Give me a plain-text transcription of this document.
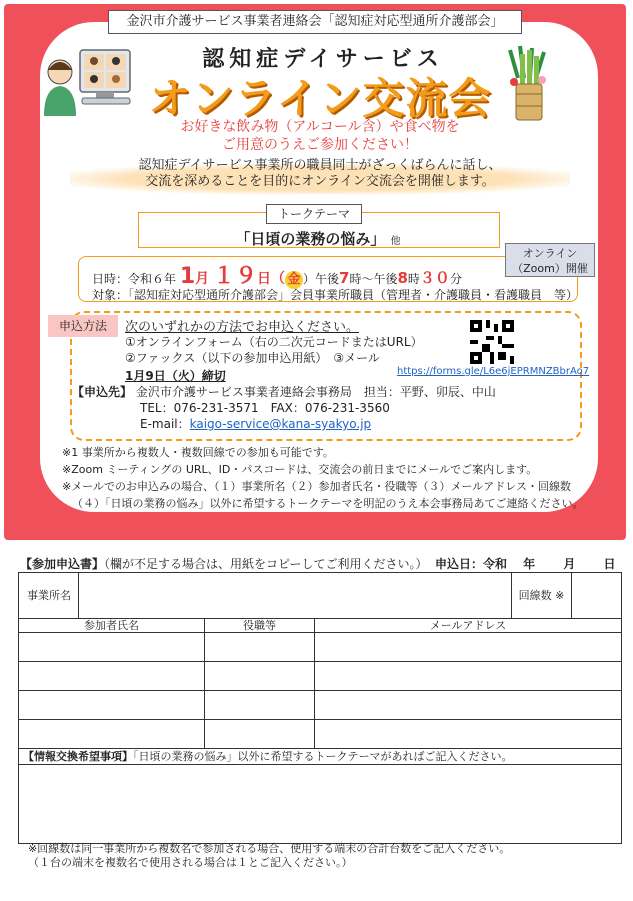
金沢市介護サービス事業者連絡会「認知症対応型通所介護部会」
認知症デイサービス
オンライン交流会
お好きな飲み物（アルコール含）や食べ物を
ご用意のうえご参加ください！
認知症デイサービス事業所の職員同士がざっくばらんに話し、
交流を深めることを目的にオンライン交流会を開催します。
トークテーマ
「日頃の業務の悩み」 他
オンライン
（Zoom）開催
日時：令和６年 1月 １９日（ 金 ）午後7時〜午後8時３０分
対象：「認知症対応型通所介護部会」会員事業所職員（管理者・介護職員・看護職員　等）
申込方法	次のいずれかの方法でお申込ください。
①オンラインフォーム（右の二次元コードまたはURL）
②ファックス（以下の参加申込用紙）　③メール
1月9日（火）締切	https://forms.gle/L6e6jEPRMNZBbrAo7
【申込先】 金沢市介護サービス事業者連絡会事務局　担当：平野、卯辰、中山
TEL：076-231-3571　FAX：076-231-3560
E-mail：kaigo-service@kana-syakyo.jp
※1 事業所から複数人・複数回線での参加も可能です。
※Zoom ミーティングの URL、ID・パスコードは、交流会の前日までにメールでご案内します。
※メールでのお申込みの場合、（１）事業所名（２）参加者氏名・役職等（３）メールアドレス・回線数
（４）「日頃の業務の悩み」以外に希望するトークテーマを明記のうえ本会事務局あてご連絡ください。
【参加申込書】（欄が不足する場合は、用紙をコピーしてご利用ください。） 申込日：令和　 年　　 月　　 日
事業所名	回線数 ※
参加者氏名	役職等	メールアドレス
【情報交換希望事項】「日頃の業務の悩み」以外に希望するトークテーマがあればご記入ください。
※回線数は同一事業所から複数名で参加される場合、使用する端末の合計台数をご記入ください。
（１台の端末を複数名で使用される場合は１とご記入ください。）
